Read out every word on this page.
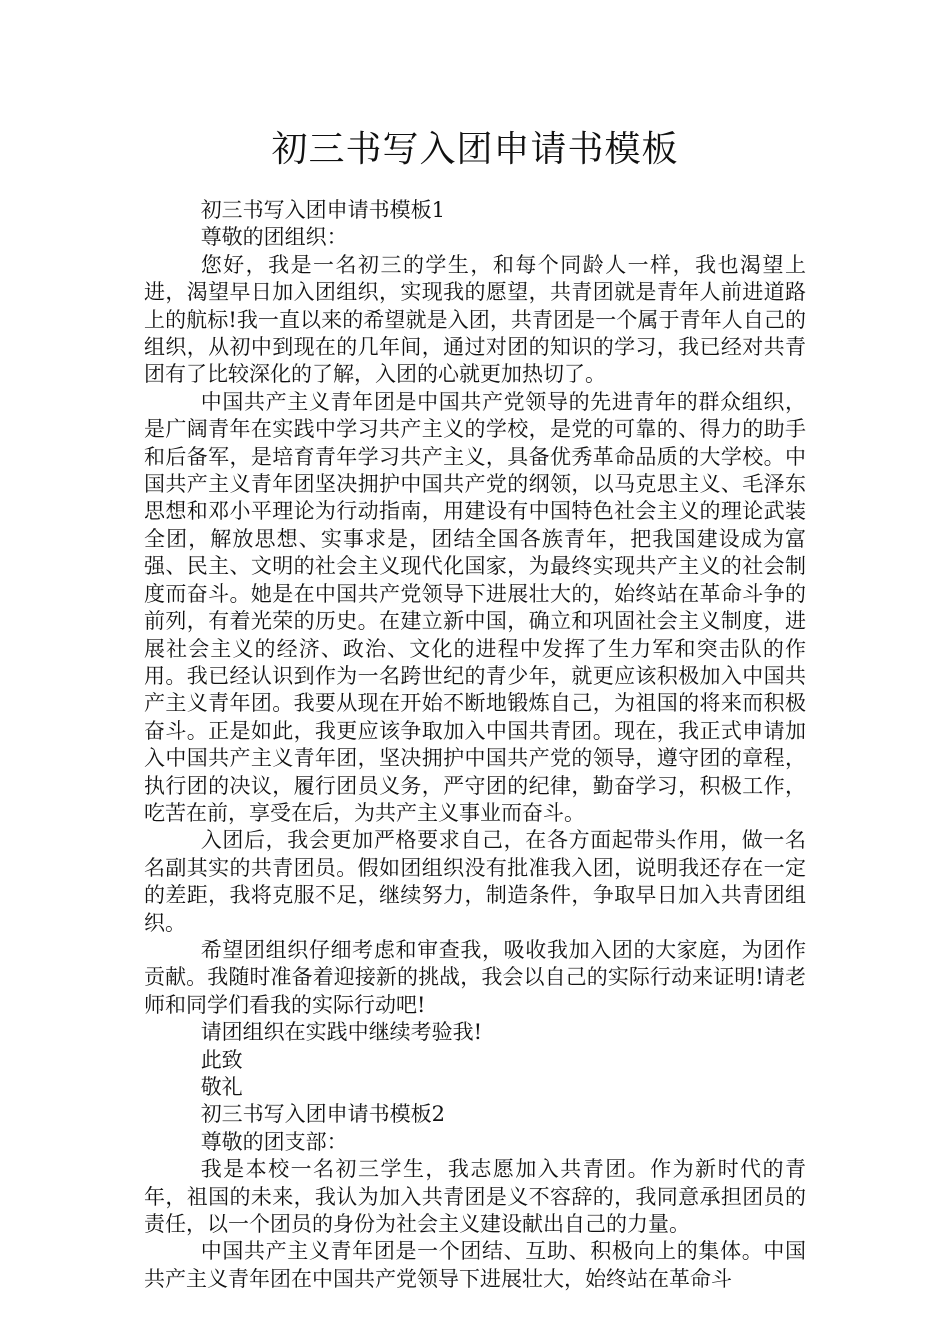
初三书写入团申请书模板

初三书写入团申请书模板1

尊敬的团组织：

您好，我是一名初三的学生，和每个同龄人一样，我也渴望上进，渴望早日加入团组织，实现我的愿望，共青团就是青年人前进道路上的航标!我一直以来的希望就是入团，共青团是一个属于青年人自己的组织，从初中到现在的几年间，通过对团的知识的学习，我已经对共青团有了比较深化的了解，入团的心就更加热切了。

中国共产主义青年团是中国共产党领导的先进青年的群众组织，是广阔青年在实践中学习共产主义的学校，是党的可靠的、得力的助手和后备军，是培育青年学习共产主义，具备优秀革命品质的大学校。中国共产主义青年团坚决拥护中国共产党的纲领，以马克思主义、毛泽东思想和邓小平理论为行动指南，用建设有中国特色社会主义的理论武装全团，解放思想、实事求是，团结全国各族青年，把我国建设成为富强、民主、文明的社会主义现代化国家，为最终实现共产主义的社会制度而奋斗。她是在中国共产党领导下进展壮大的，始终站在革命斗争的前列，有着光荣的历史。在建立新中国，确立和巩固社会主义制度，进展社会主义的经济、政治、文化的进程中发挥了生力军和突击队的作用。我已经认识到作为一名跨世纪的青少年，就更应该积极加入中国共产主义青年团。我要从现在开始不断地锻炼自己，为祖国的将来而积极奋斗。正是如此，我更应该争取加入中国共青团。现在，我正式申请加入中国共产主义青年团，坚决拥护中国共产党的领导，遵守团的章程，执行团的决议，履行团员义务，严守团的纪律，勤奋学习，积极工作，吃苦在前，享受在后，为共产主义事业而奋斗。

入团后，我会更加严格要求自己，在各方面起带头作用，做一名名副其实的共青团员。假如团组织没有批准我入团，说明我还存在一定的差距，我将克服不足，继续努力，制造条件，争取早日加入共青团组织。

希望团组织仔细考虑和审查我，吸收我加入团的大家庭，为团作贡献。我随时准备着迎接新的挑战，我会以自己的实际行动来证明!请老师和同学们看我的实际行动吧!

请团组织在实践中继续考验我!

此致

敬礼

初三书写入团申请书模板2

尊敬的团支部：

我是本校一名初三学生，我志愿加入共青团。作为新时代的青年，祖国的未来，我认为加入共青团是义不容辞的，我同意承担团员的责任，以一个团员的身份为社会主义建设献出自己的力量。

中国共产主义青年团是一个团结、互助、积极向上的集体。中国共产主义青年团在中国共产党领导下进展壮大，始终站在革命斗
